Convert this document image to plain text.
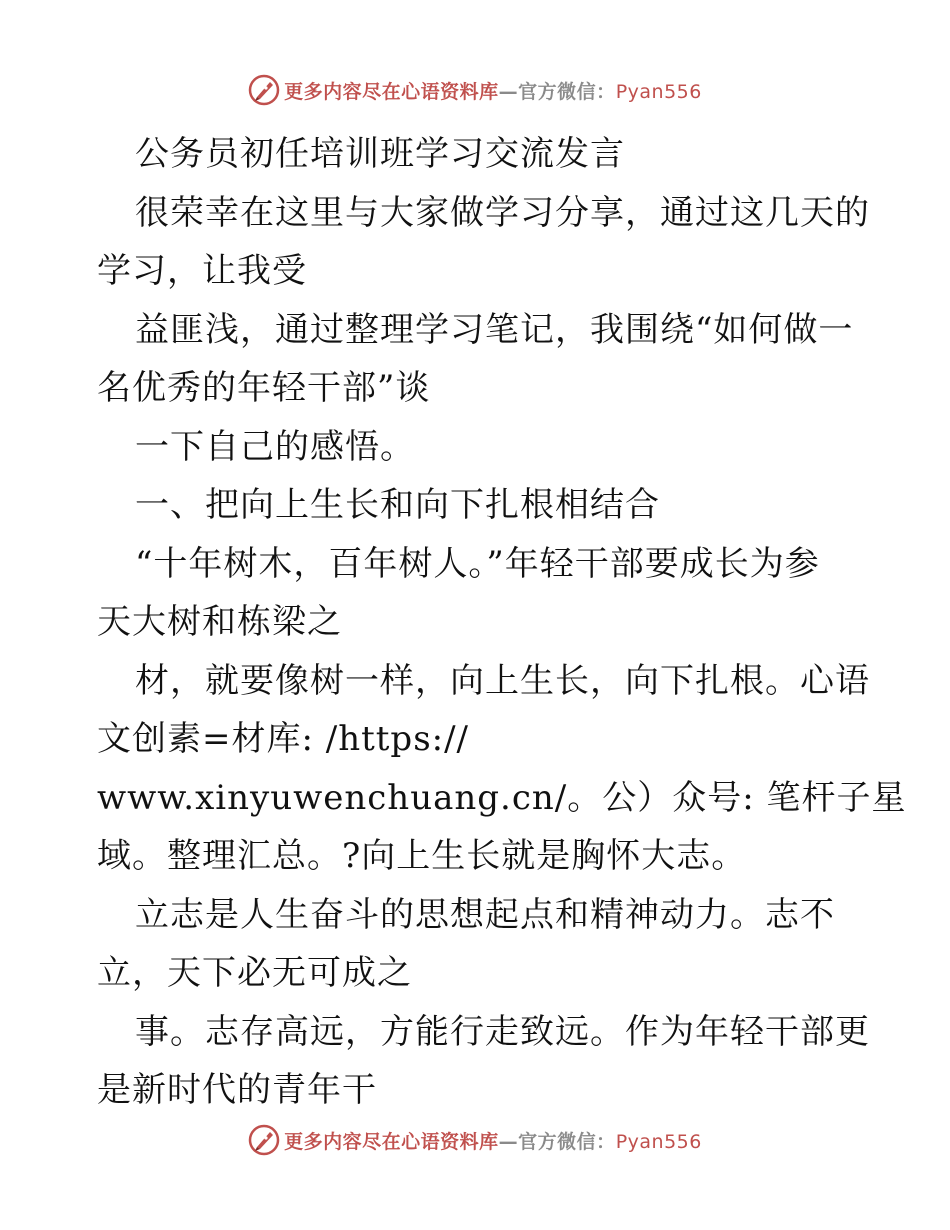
更多内容尽在心语资料库—官方微信：Pyan556
公务员初任培训班学习交流发言
很荣幸在这里与大家做学习分享，通过这几天的
学习，让我受
益匪浅，通过整理学习笔记，我围绕“如何做一
名优秀的年轻干部”谈
一下自己的感悟。
一、把向上生长和向下扎根相结合
“十年树木，百年树人。”年轻干部要成长为参
天大树和栋梁之
材，就要像树一样，向上生长，向下扎根。心语
文创素=材库: /https://
www.xinyuwenchuang.cn/。公）众号: 笔杆子星
域。整理汇总。?向上生长就是胸怀大志。
立志是人生奋斗的思想起点和精神动力。志不
立，天下必无可成之
事。志存高远，方能行走致远。作为年轻干部更
是新时代的青年干
更多内容尽在心语资料库—官方微信：Pyan556
